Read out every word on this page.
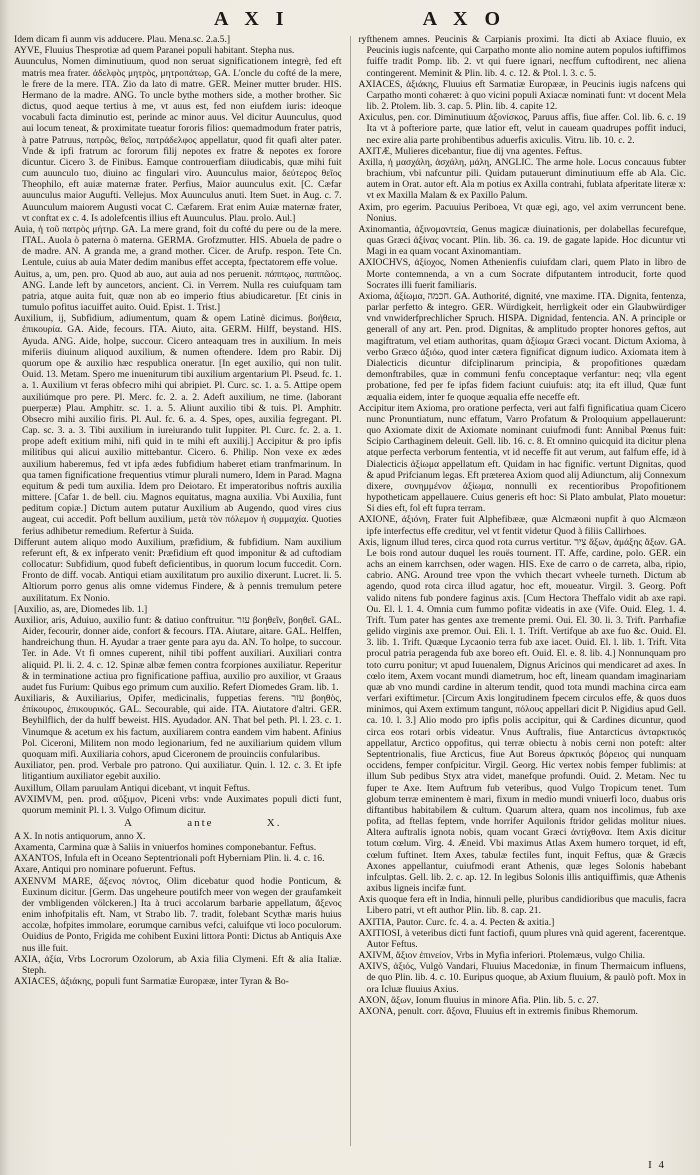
A X I	A X O

Idem dicam fi aunm vis adducere. Plau. Mena.sc. 2.a.5.]

AYVE, Fluuius Thesprotiæ ad quem Paranei populi habitant. Stepha nus.

Auunculus, Nomen diminutiuum, quod non seruat significationem integrè, fed eft matris mea frater. ἀδελφὸς μητρὸς, μητροπάτωρ, GA. L'oncle du cofté de la mere, le frere de la mere. ITA. Zio da lato di matre. GER. Meiner mutter bruder. HIS. Hermano de la madre. ANG. To uncle bythe mothers side, a mother brother. Sic dictus, quod aeque tertius à me, vt auus est, fed non eiufdem iuris: ideoque vocabuli facta diminutio est, perinde ac minor auus. Vel dicitur Auunculus, quod aui locum teneat, & proximitate tueatur fororis filios: quemadmodum frater patris, à patre Patruus, πατρῶς, θεῖος, πατράδελφος appellatur, quod fit quafi alter pater. Vnde & ipfi fratrum ac fororum filij nepotes ex fratre & nepotes ex forore dicuntur. Cicero 3. de Finibus. Eamque controuerfiam diiudicabis, quæ mihi fuit cum auunculo tuo, diuino ac fingulari viro. Auunculus maior, δεύτερος θεῖος Theophilo, eft auiæ maternæ frater. Perfius, Maior auunculus exit. [C. Cæfar auunculus maior Augufti. Vellejus. Mox Auunculus anuti. Item Suet. in Aug. c. 7. Auunculum maiorem Augusti vocat C. Cæfarem. Erat enim Auiæ maternæ frater, vt conftat ex c. 4. Is adolefcentis illius eft Auunculus. Plau. prolo. Aul.]

Auia, ἡ τοῦ πατρὸς μήτηρ. GA. La mere grand, foit du cofté du pere ou de la mere. ITAL. Auola ò paterna ò materna. GERMA. Grofzmutter. HIS. Abuela de padre o de madre. AN. A granda me, a grand mother. Cicer. de Arufp. respon. Tete Cn. Lentule, cuius ab auia Mater dedim manibus effet accepta, fpectatorem effe volue.

Auitus, a, um, pen. pro. Quod ab auo, aut auia ad nos peruenit. πάππῳος, παππῶος. ANG. Lande left by auncetors, ancient. Ci. in Verrem. Nulla res cuiufquam tam patria, atque auita fuit, quæ non ab eo imperio ftius abiudicaretur. [Et cinis in tumulo pofitus iacuiffet auito. Ouid. Epist. 1. Trist.]

Auxilium, ij, Subfidium, adiumentum, quam & opem Latinè dicimus. βοήθεια, ἐπικουρία. GA. Aide, fecours. ITA. Aiuto, aita. GERM. Hilff, beystand. HIS. Ayuda. ANG. Aide, holpe, succour. Cicero anteaquam tres in auxilium. In meis miferiis diuinum aliquod auxilium, & numen oftendere. Idem pro Rabir. Dij quorum ope & auxilio hæc respublica oneratur. [In eget auxilio, qui non tulit. Ouid. 13. Metam. Spero me inueniturum tibi auxilium argentarium Pl. Pseud. fc. 1. a. 1. Auxilium vt feras obfecro mihi qui abripiet. Pl. Curc. sc. 1. a. 5. Attipe opem auxiliúmque pro pere. Pl. Merc. fc. 2. a. 2. Adeft auxilium, ne time. (laborant puerperæ) Plau. Amphitr. sc. 1. a. 5. Aliunt auxilio tibi & tuis. Pl. Amphitr. Obsecro mihi auxilio firis. Pl. Aul. fc. 6. a. 4. Spes, opes, auxilia fegregant. Pl. Cap. sc. 3. a. 3. Tibi auxilium in iureiurando tulit Iuppiter. Pl. Curc. fc. 2. a. 1. prope adeft exitium mihi, nifi quid in te mihi eft auxilij.] Accipitur & pro ipfis militibus qui alicui auxilio mittebantur. Cicero. 6. Philip. Non vexe ex ædes auxilium haberemus, fed vt ipfa ædes fubfidium haberet etiam tranfmarinum. In qua tamen fignificatione frequentius vtimur plurali numero, Idem in Parad. Magna equitum & pedi tum auxilia. Idem pro Deiotaro. Et imperatoribus noftris auxilia mittere. [Cafar 1. de bell. ciu. Magnos equitatus, magna auxilia. Vbi Auxilia, funt peditum copiæ.] Dictum autem putatur Auxilium ab Augendo, quod vires cius augeat, cui accedit. Poft bellum auxilium, μετὰ τὸν πόλεμον ἡ συμμαχία. Quoties ferius adhibetur remedium. Refertur à Suida.

Differunt autem aliquo modo Auxilium, præfidium, & fubfidium. Nam auxilium referunt eft, & ex infperato venit: Præfidium eft quod imponitur & ad cuftodiam collocatur: Subfidium, quod fubeft deficientibus, in quorum locum fuccedit. Corn. Fronto de diff. vocab. Antiqui etiam auxilitatum pro auxilio dixerunt. Lucret. li. 5. Altiorum porro genus alis omne videmus Findere, & à pennis tremulum petere auxilitatum. Ex Nonio.

[Auxilio, as, are, Diomedes lib. 1.]

Auxilior, aris, Aduiuo, auxilio funt: & datiuo conftruitur. עזר βοηθεῖν, βοηθεῖ. GAL. Aider, fecourir, donner aide, confort & fecours. ITA. Aiutare, aitare. GAL. Helffen, handreichung thun. H. Ayudar a traer gente para ayu da. AN. To holpe, to succour. Ter. in Ade. Vt fi omnes cuperent, nihil tibi poffent auxiliari. Auxiliari contra aliquid. Pl. li. 2. 4. c. 12. Spinæ albæ femen contra fcorpiones auxiliatur. Reperitur & in terminatione actiua pro fignificatione paffiua, auxilio pro auxilior, vt Graaus audet fus Furium: Quibus ego primum cum auxilio. Refert Diomedes Gram. lib. 1.

Auxiliaris, & Auxiliarius, Opifer, medicinalis, fuppetias ferens. עזר βοηθὸς, ἐπίκουρος, ἐπικουρικός. GAL. Secourable, qui aide. ITA. Aiutatore d'altri. GER. Beyhilflich, der da hulff beweist. HIS. Ayudador. AN. That bel peth. Pl. l. 23. c. 1. Vinumque & acetum ex his factum, auxiliarem contra eandem vim habent. Afinius Pol. Ciceroni, Militem non modo legionarium, fed ne auxiliarium quidem vllum quoquam mifi. Auxiliaria cohors, apud Ciceronem de prouinciis confularibus.

Auxiliator, pen. prod. Verbale pro patrono. Qui auxiliatur. Quin. l. 12. c. 3. Et ipfe litigantium auxiliator egebit auxilio.

Auxillum, Ollam paruulam Antiqui dicebant, vt inquit Feftus.

AVXIMVM, pen. prod. αὔξιμον, Piceni vrbs: vnde Auximates populi dicti funt, quorum meminit Pl. l. 3. Vulgo Ofimum dicitur.

A	ante	X.

A X. In notis antiquorum, anno X.

Axamenta, Carmina quæ à Saliis in vniuerfos homines componebantur. Feftus.

AXANTOS, Infula eft in Oceano Septentrionali poft Hyberniam Plin. li. 4. c. 16.

Axare, Antiqui pro nominare pofuerunt. Feftus.

AXENVM MARE, ἄξενος πόντος, Olim dicebatur quod hodie Ponticum, & Euxinum dicitur. [Germ. Das ungeheure poutifch meer von wegen der graufamkeit der vmbligenden völckeren.] Ita à truci accolarum barbarie appellatum, ἄξενος enim inhofpitalis eft. Nam, vt Strabo lib. 7. tradit, folebant Scythæ maris huius accolæ, hofpites immolare, eorumque carnibus vefci, caluifque vti loco poculorum. Ouidius de Ponto, Frigida me cohibent Euxini littora Ponti: Dictus ab Antiquis Axe nus ille fuit.

AXIA, ἀξία, Vrbs Locrorum Ozolorum, ab Axia filia Clymeni. Eft & alia Italiæ. Steph.

AXIACES, ἀξιάκης, populi funt Sarmatiæ Europææ, inter Tyran & Bo-

ryfthenem amnes. Peucinis & Carpianis proximi. Ita dicti ab Axiace fluuio, ex Peucinis iugis nafcente, qui Carpatho monte alio nomine autem populos iuftiffimos fuiffe tradit Pomp. lib. 2. vt qui fuere ignari, necffum cuftodirent, nec aliena contingerent. Meminit & Plin. lib. 4. c. 12. & Ptol. l. 3. c. 5.

AXIACES, ἀξιάκης, Fluuius eft Sarmatiæ Europææ, in Peucinis iugis nafcens qui Carpatho monti cohæret: à quo vicini populi Axiacæ nominati funt: vt docent Mela lib. 2. Ptolem. lib. 3. cap. 5. Plin. lib. 4. capite 12.

Axiculus, pen. cor. Diminutiuum ἀξονίσκος, Paruus affis, fiue affer. Col. lib. 6. c. 19 Ita vt à pofteriore parte, quæ latior eft, velut in caueam quadrupes poffit induci, nec exire alia parte prohibentibus aduerfis axiculis. Vitru. lib. 10. c. 2.

AXITÆ, Mulieres dicebantur, fiue dij vna agentes. Feftus.

Axilla, ἡ μασχάλη, ἀσχάλη, μάλη, ANGLIC. The arme hole. Locus concauus fubter brachium, vbi nafcuntur pili. Quidam putauerunt diminutiuum effe ab Ala. Cic. autem in Orat. autor eft. Ala m potius ex Axilla contrahi, fublata afperitate literæ x: vt ex Maxilla Malam & ex Paxillo Palum.

Axim, pro egerim. Pacuuius Periboea, Vt quæ egi, ago, vel axim verruncent bene. Nonius.

Axinomantia, ἀξινομαντεία, Genus magicæ diuinationis, per dolabellas fecurefque, quas Græci ἀξίνας vocant. Plin. lib. 36. ca. 19. de gagate lapide. Hoc dicuntur vti Magi in ea quam vocant Axinomantiam.

AXIOCHVS, ἀξίοχος, Nomen Athenienfis cuiufdam clari, quem Plato in libro de Morte contemnenda, a vn a cum Socrate difputantem introducit, forte quod Socrates illi fuerit familiaris.

Axioma, ἀξίωμα, חכמה. GA. Authorité, dignité, vne maxime. ITA. Dignita, fentenza, parlar perfetto & integro. GER. Würdigkeit, herrligkeit oder ein Glaubwürdiger vnd vnwiderfprechlicher Spruch. HISPA. Dignidad, fentencia. AN. A principle or generall of any art. Pen. prod. Dignitas, & amplitudo propter honores geftos, aut magiftratum, vel etiam authoritas, quam ἀξίωμα Græci vocant. Dictum Axioma, à verbo Græco ἀξιόω, quod inter cætera fignificat dignum iudico. Axiomata item à Dialecticis dicuntur difciplinarum principia, & propofitiones quædam demonftrabiles, quæ in communi fenfu conceptaque verfantur: neq; vlla egent probatione, fed per fe ipfas fidem faciunt cuiufuis: atq; ita eft illud, Quæ funt æqualia eidem, inter fe quoque æqualia effe neceffe eft.

Accipitur item Axioma, pro oratione perfecta, veri aut falfi fignificatiua quam Cicero nunc Pronuntiatum, nunc effatum, Varro Profatum & Proloquium appellauerunt: quo Axiomate dixit de Axiomate nominant cuiufmodi funt: Annibal Pœnus fuit: Scipio Carthaginem deleuit. Gell. lib. 16. c. 8. Et omnino quicquid ita dicitur plena atque perfecta verborum fententia, vt id neceffe fit aut verum, aut falfum effe, id à Dialecticis ἀξίωμα appellatum eft. Quidam in hac fignific. vertunt Dignitas, quod & apud Prifcianum legas. Eft præterea Axiom quod alij Adiunctum, alij Connexum dixere, συνημμένον ἀξίωμα, nonnulli ex recentioribus Propofitionem hypotheticam appellauere. Cuius generis eft hoc: Si Plato ambulat, Plato mouetur: Si dies eft, fol eft fupra terram.

AXIONE, ἀξιόνη, Frater fuit Alphefibææ, quæ Alcmæoni nupfit à quo Alcmæon ipfe interfectus effe creditur, vel vt fentit videtur Quod à filiis Callirhoes.

Axis, lignum illud teres, circa quod rota currus vertitur. צִיר ἄξων, ἁμάξης ἄξων. GA. Le bois rond autour duquel les rouës tournent. IT. Affe, cardine, polo. GER. ein achs an einem karrchsen, oder wagen. HIS. Exe de carro o de carreta, alba, ripio, cabrio. ANG. Around tree vpon the vvhich thecart vvheele turneth. Dictum ab agendo, quod rota circa illud agatur, hoc eft, moueatur. Virgil. 3. Georg. Poft valido nitens fub pondere faginus axis. [Cum Hectora Theffalo vidit ab axe rapi. Ou. El. l. 1. 4. Omnia cum fummo pofitæ videatis in axe (Vife. Ouid. Eleg. 1. 4. Trift. Tum pater has gentes axe tremente premi. Oui. El. 30. li. 3. Trift. Parrhafiæ gelido virginis axe premor. Oui. Eli. l. 1. Trift. Vertifque ab axe fuo &c. Ouid. El. 3. lib. 1. Trift. Quæque Lycaonio terra fub axe iacet. Ouid. El. l. lib. 1. Trift. Vita procul patria peragenda fub axe boreo eft. Ouid. El. e. 8. lib. 4.] Nonnunquam pro toto curru ponitur; vt apud Iuuenalem, Dignus Aricinos qui mendicaret ad axes. In cœlo item, Axem vocant mundi diametrum, hoc eft, lineam quandam imaginariam quæ ab vno mundi cardine in alterum tendit, quod tota mundi machina circa eam verfari exiftimetur. [Circum Axis longitudinem fpecem circulos effe, & quos duos minimos, qui Axem extimum tangunt, πόλους appellari dicit P. Nigidius apud Gell. ca. 10. l. 3.] Alio modo pro ipfis polis accipitur, qui & Cardines dicuntur, quod circa eos rotari orbis videatur. Vnus Auftralis, fiue Antarcticus ἀνταρκτικός appellatur, Arctico oppofitus, qui terræ obiectu à nobis cerni non poteft: alter Septentrionalis, fiue Arcticus, fiue Aut Boreus ἀρκτικός βόρειος qui nunquam occidens, femper confpicitur. Virgil. Georg. Hic vertex nobis femper fublimis: at illum Sub pedibus Styx atra videt, manefque profundi. Ouid. 2. Metam. Nec tu fuper te Axe. Item Auftrum fub veteribus, quod Vulgo Tropicum tenet. Tum globum terræ eminentem è mari, fixum in medio mundi vniuerfi loco, duabus oris diftantibus habitabilem & cultum. Quarum altera, quam nos incolimus, fub axe pofita, ad ftellas feptem, vnde horrifer Aquilonis ftridor gelidas molitur niues. Altera auftralis ignota nobis, quam vocant Græci ἀντίχθονα. Item Axis dicitur totum cœlum. Virg. 4. Æneid. Vbi maximus Atlas Axem humero torquet, id eft, cœlum fuftinet. Item Axes, tabulæ fectiles funt, inquit Feftus, quæ & Græcis Axones appellantur, cuiufmodi erant Athenis, quæ leges Solonis habebant infculptas. Gell. lib. 2. c. ap. 12. In legibus Solonis illis antiquiffimis, quæ Athenis axibus ligneis incifæ funt.

Axis quoque fera eft in India, hinnuli pelle, pluribus candidioribus que maculis, facra Libero patri, vt eft author Plin. lib. 8. cap. 21.

AXITIA, Pautor. Curc. fc. 4. a. 4. Pecten & axitia.]

AXITIOSI, à veteribus dicti funt factiofi, quum plures vnà quid agerent, facerentque. Autor Feftus.

AXIVM, ἄξιον ἐπινείον, Vrbs in Myfia inferiori. Ptolemæus, vulgo Chilia.

AXIVS, ἀξιός, Vulgò Vandari, Fluuius Macedoniæ, in finum Thermaicum influens, de quo Plin. lib. 4. c. 10. Euripus quoque, ab Axium fluuium, & paulò poft. Mox in ora Icluæ fluuius Axius.

AXON, ἄξων, Ionum fluuius in minore Afia. Plin. lib. 5. c. 27.

AXONA, penult. corr. ἄξονα, Fluuius eft in extremis finibus Rhemorum.

I 4
